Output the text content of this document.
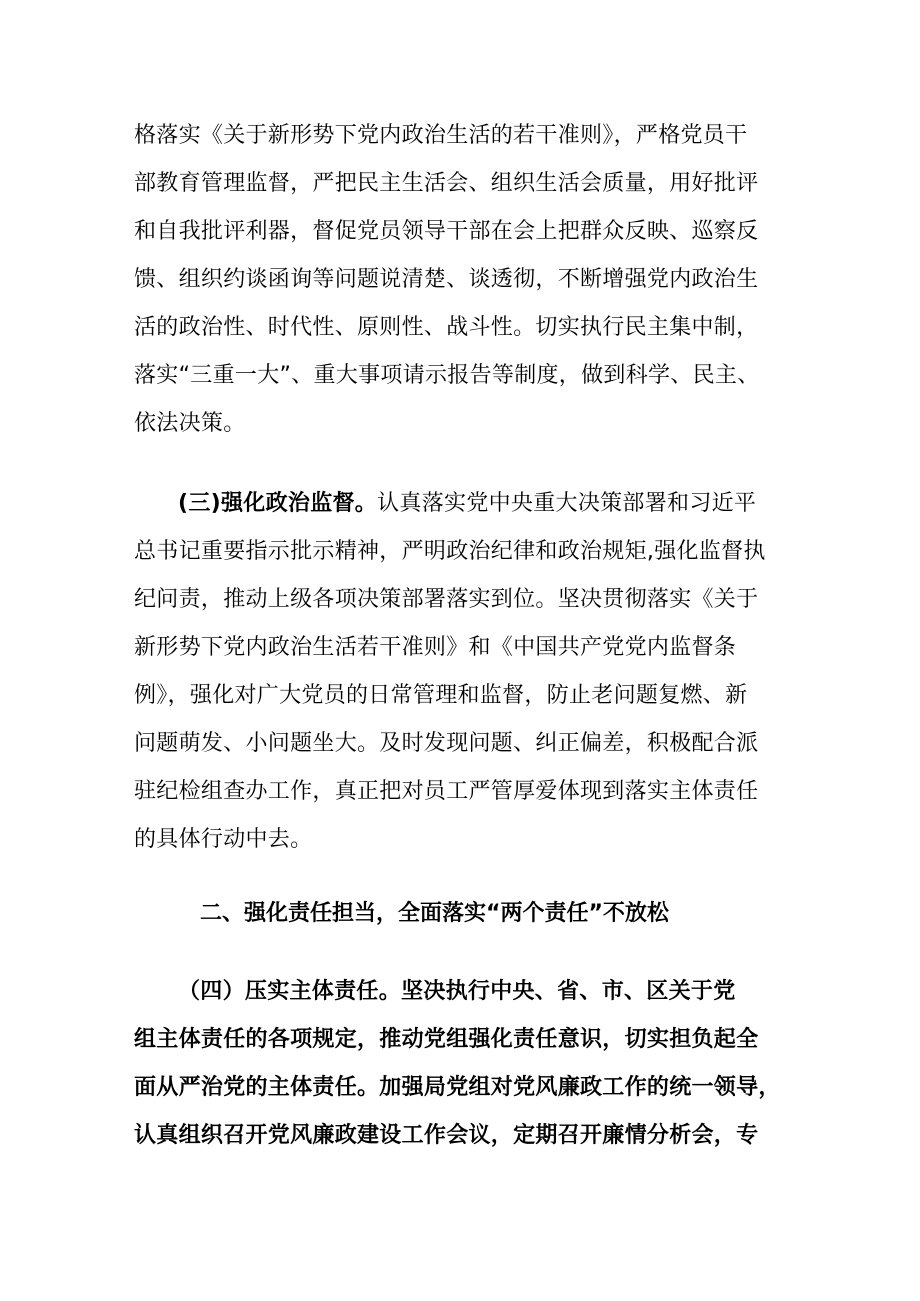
格落实《关于新形势下党内政治生活的若干准则》，严格党员干
部教育管理监督，严把民主生活会、组织生活会质量，用好批评
和自我批评利器，督促党员领导干部在会上把群众反映、巡察反
馈、组织约谈函询等问题说清楚、谈透彻，不断增强党内政治生
活的政治性、时代性、原则性、战斗性。切实执行民主集中制，
落实“三重一大”、重大事项请示报告等制度，做到科学、民主、
依法决策。
(三)强化政治监督。认真落实党中央重大决策部署和习近平
总书记重要指示批示精神，严明政治纪律和政治规矩,强化监督执
纪问责，推动上级各项决策部署落实到位。坚决贯彻落实《关于
新形势下党内政治生活若干准则》和《中国共产党党内监督条
例》，强化对广大党员的日常管理和监督，防止老问题复燃、新
问题萌发、小问题坐大。及时发现问题、纠正偏差，积极配合派
驻纪检组查办工作，真正把对员工严管厚爱体现到落实主体责任
的具体行动中去。
二、强化责任担当，全面落实“两个责任”不放松
（四）压实主体责任。坚决执行中央、省、市、区关于党
组主体责任的各项规定，推动党组强化责任意识，切实担负起全
面从严治党的主体责任。加强局党组对党风廉政工作的统一领导，
认真组织召开党风廉政建设工作会议，定期召开廉情分析会，专
